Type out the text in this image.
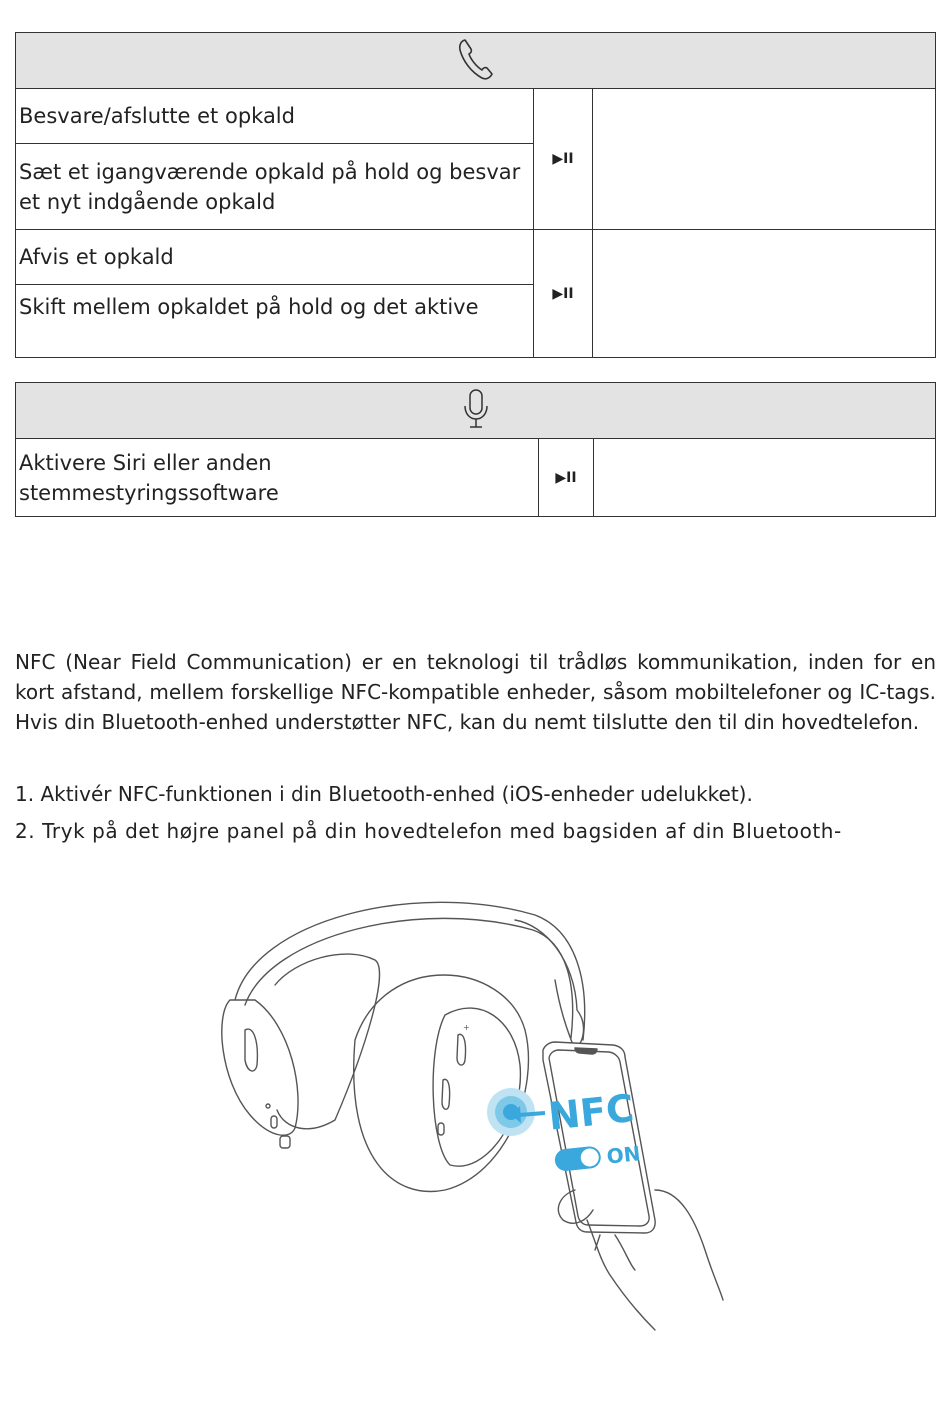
Besvare/afslutte et opkald	▶II	
Sæt et igangværende opkald på hold og besvar et nyt indgående opkald		
Afvis et opkald	▶II	
Skift mellem opkaldet på hold og det aktive		

Aktivere Siri eller anden stemmestyringssoftware	▶II	

NFC (Near Field Communication) er en teknologi til trådløs kommunikation, inden for en kort afstand, mellem forskellige NFC-kompatible enheder, såsom mobiltelefoner og IC-tags. Hvis din Bluetooth-enhed understøtter NFC, kan du nemt tilslutte den til din hovedtelefon.

1. Aktivér NFC-funktionen i din Bluetooth-enhed (iOS-enheder udelukket).

2. Tryk på det højre panel på din hovedtelefon med bagsiden af din Bluetooth-

+
NFC
ON
